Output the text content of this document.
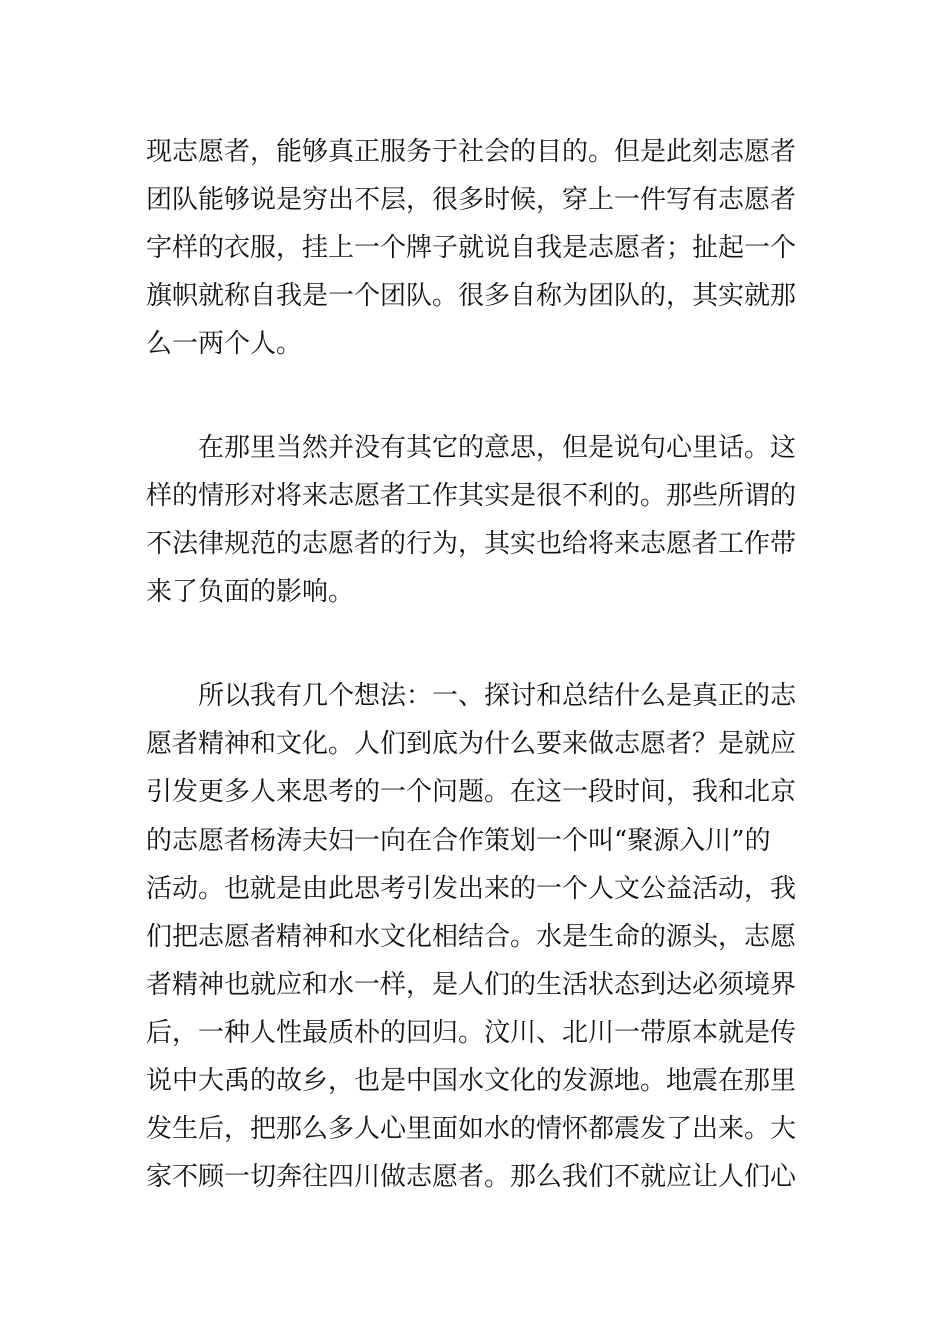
现志愿者，能够真正服务于社会的目的。但是此刻志愿者

团队能够说是穷出不层，很多时候，穿上一件写有志愿者

字样的衣服，挂上一个牌子就说自我是志愿者；扯起一个

旗帜就称自我是一个团队。很多自称为团队的，其实就那

么一两个人。

在那里当然并没有其它的意思，但是说句心里话。这

样的情形对将来志愿者工作其实是很不利的。那些所谓的

不法律规范的志愿者的行为，其实也给将来志愿者工作带

来了负面的影响。

所以我有几个想法：一、探讨和总结什么是真正的志

愿者精神和文化。人们到底为什么要来做志愿者？是就应

引发更多人来思考的一个问题。在这一段时间，我和北京

的志愿者杨涛夫妇一向在合作策划一个叫“聚源入川”的

活动。也就是由此思考引发出来的一个人文公益活动，我

们把志愿者精神和水文化相结合。水是生命的源头，志愿

者精神也就应和水一样，是人们的生活状态到达必须境界

后，一种人性最质朴的回归。汶川、北川一带原本就是传

说中大禹的故乡，也是中国水文化的发源地。地震在那里

发生后，把那么多人心里面如水的情怀都震发了出来。大

家不顾一切奔往四川做志愿者。那么我们不就应让人们心
